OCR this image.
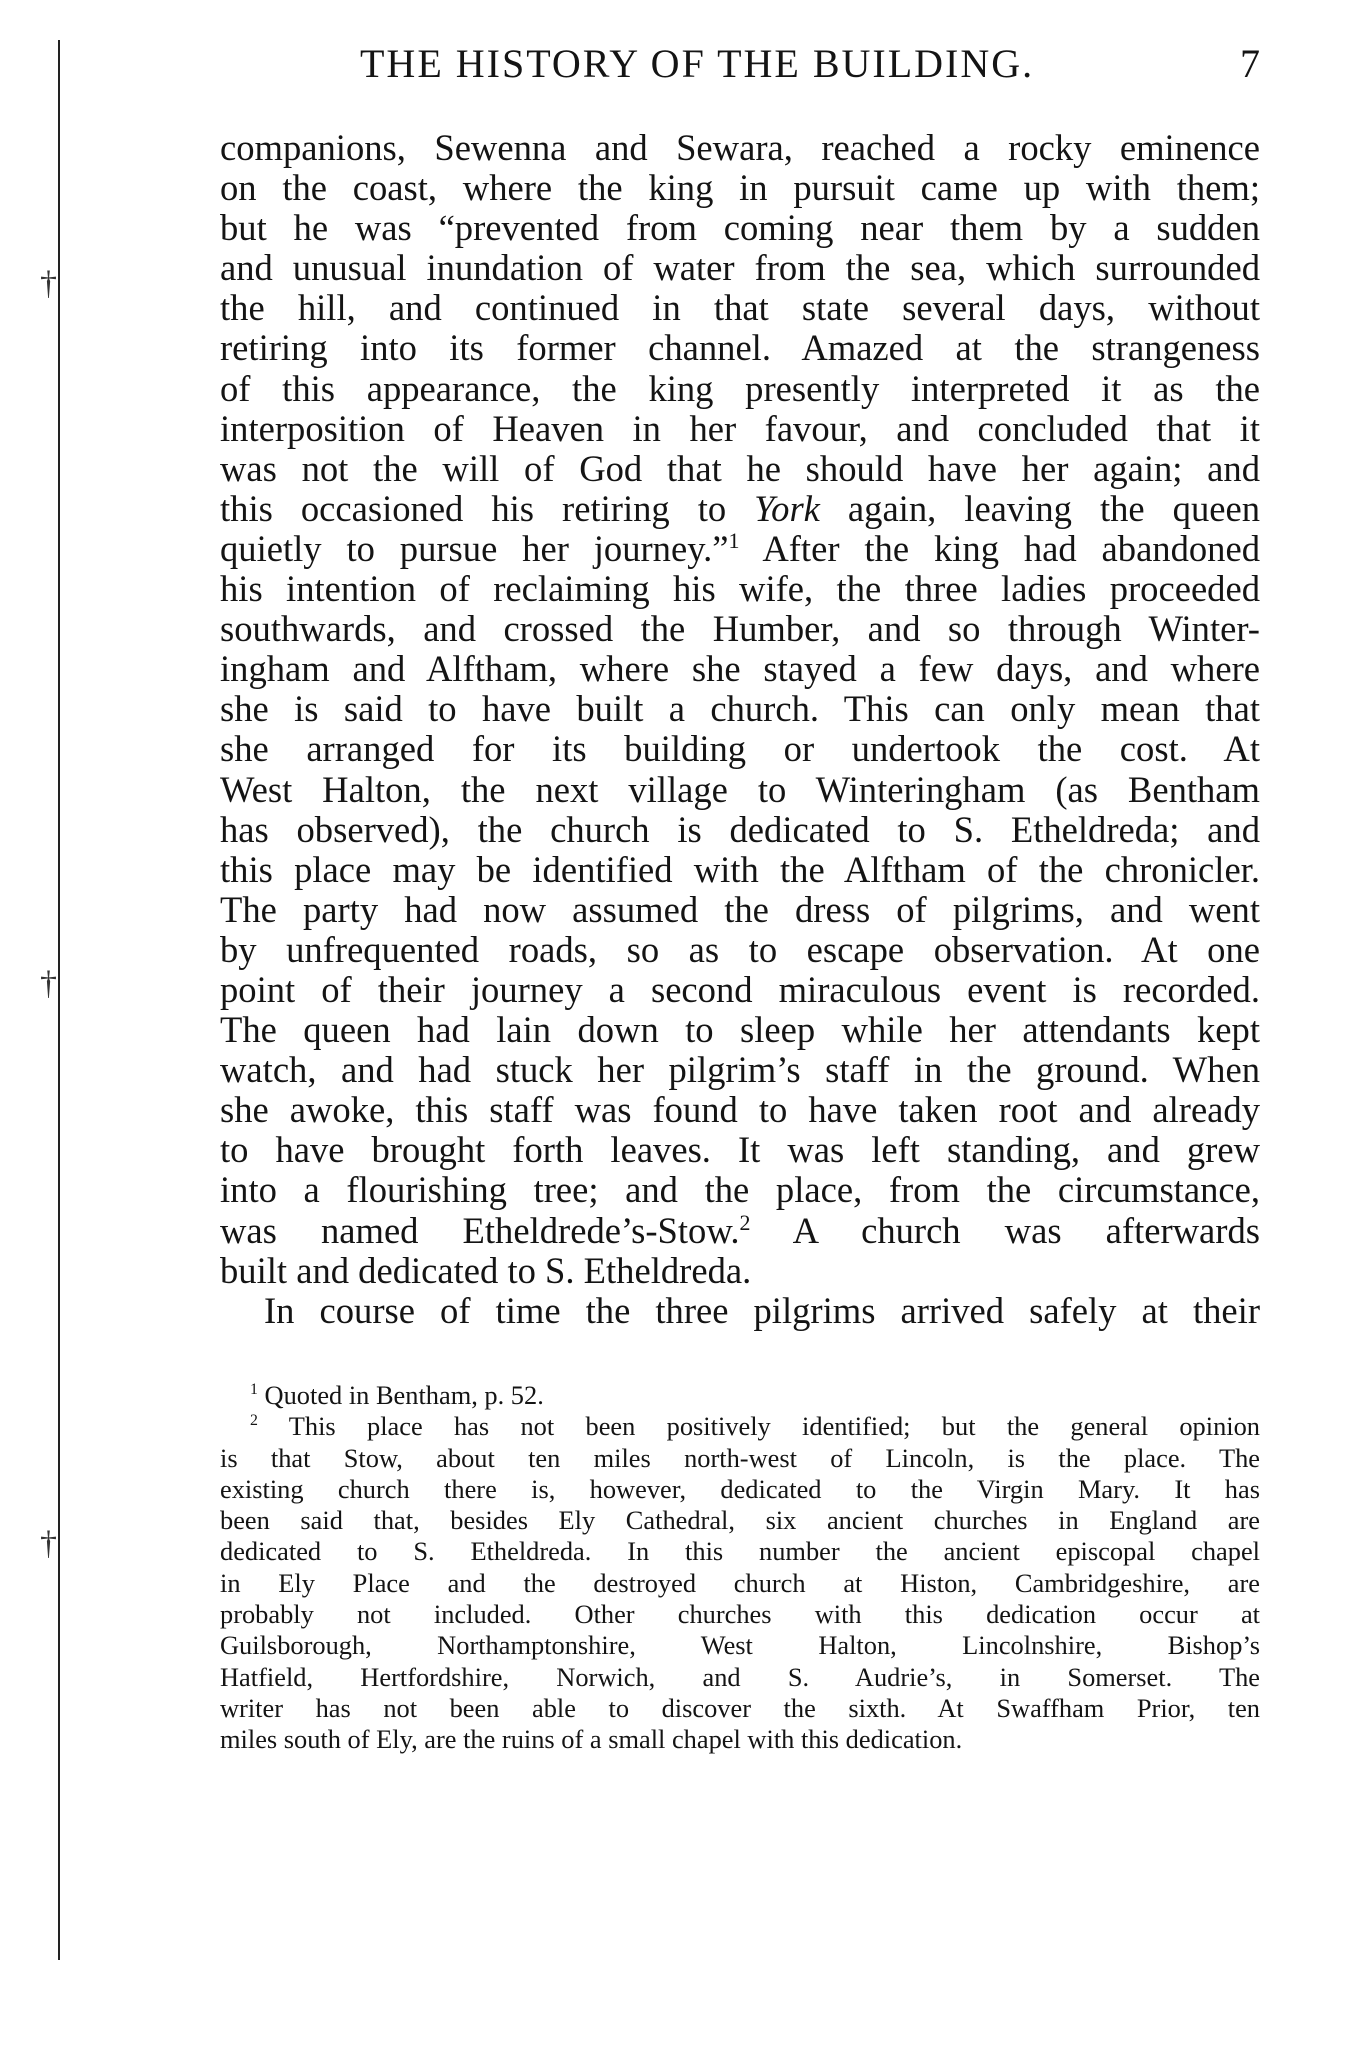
†
†
†
THE HISTORY OF THE BUILDING.	7
companions, Sewenna and Sewara, reached a rocky eminence
on the coast, where the king in pursuit came up with them;
but he was “prevented from coming near them by a sudden
and unusual inundation of water from the sea, which surrounded
the hill, and continued in that state several days, without
retiring into its former channel. Amazed at the strangeness
of this appearance, the king presently interpreted it as the
interposition of Heaven in her favour, and concluded that it
was not the will of God that he should have her again; and
this occasioned his retiring to York again, leaving the queen
quietly to pursue her journey.”$^1$ After the king had abandoned
his intention of reclaiming his wife, the three ladies proceeded
southwards, and crossed the Humber, and so through Winter-
ingham and Alftham, where she stayed a few days, and where
she is said to have built a church. This can only mean that
she arranged for its building or undertook the cost. At
West Halton, the next village to Winteringham (as Bentham
has observed), the church is dedicated to S. Etheldreda; and
this place may be identified with the Alftham of the chronicler.
The party had now assumed the dress of pilgrims, and went
by unfrequented roads, so as to escape observation. At one
point of their journey a second miraculous event is recorded.
The queen had lain down to sleep while her attendants kept
watch, and had stuck her pilgrim’s staff in the ground. When
she awoke, this staff was found to have taken root and already
to have brought forth leaves. It was left standing, and grew
into a flourishing tree; and the place, from the circumstance,
was named Etheldrede’s-Stow.$^2$ A church was afterwards
built and dedicated to S. Etheldreda.
In course of time the three pilgrims arrived safely at their
$^1$ Quoted in Bentham, p. 52.
$^2$ This place has not been positively identified; but the general opinion
is that Stow, about ten miles north-west of Lincoln, is the place. The
existing church there is, however, dedicated to the Virgin Mary. It has
been said that, besides Ely Cathedral, six ancient churches in England are
dedicated to S. Etheldreda. In this number the ancient episcopal chapel
in Ely Place and the destroyed church at Histon, Cambridgeshire, are
probably not included. Other churches with this dedication occur at
Guilsborough, Northamptonshire, West Halton, Lincolnshire, Bishop’s
Hatfield, Hertfordshire, Norwich, and S. Audrie’s, in Somerset. The
writer has not been able to discover the sixth. At Swaffham Prior, ten
miles south of Ely, are the ruins of a small chapel with this dedication.
